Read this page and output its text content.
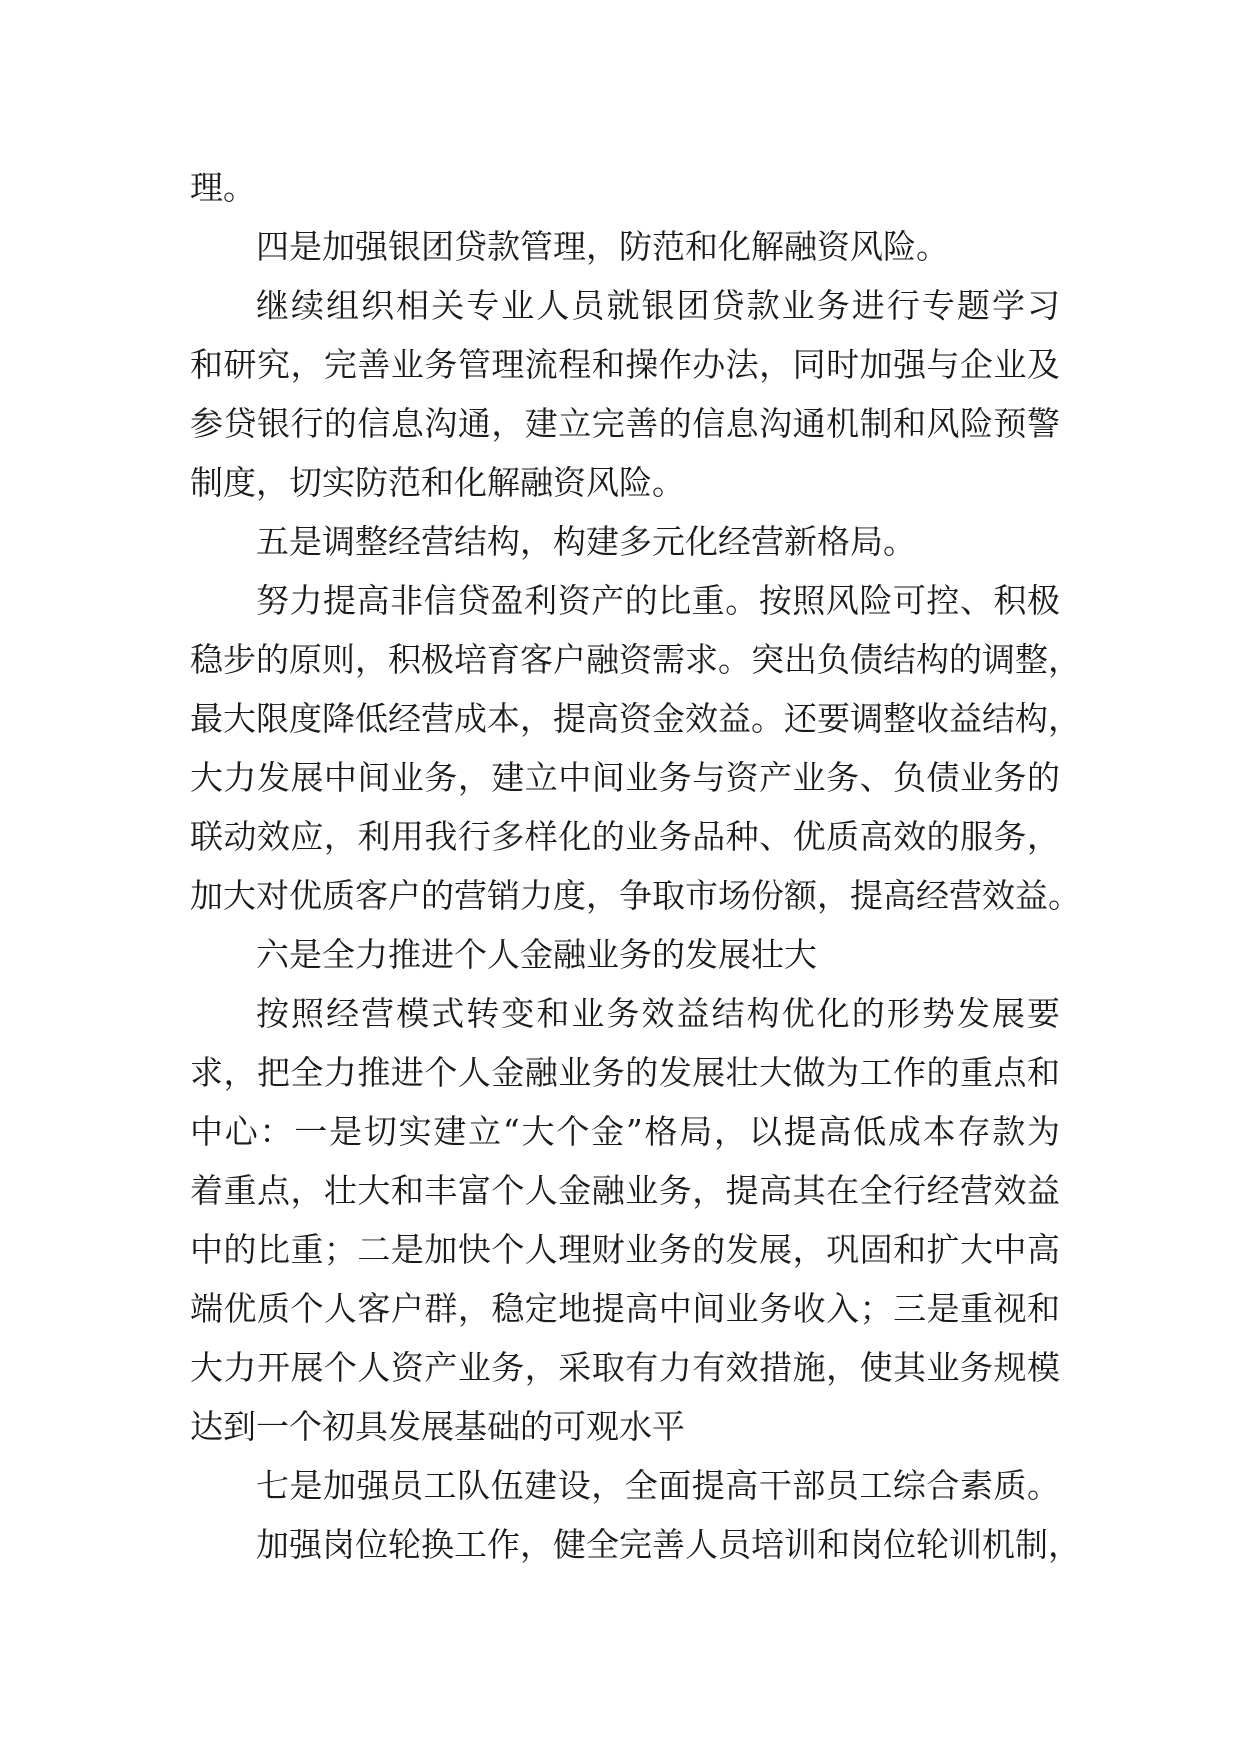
理。
四是加强银团贷款管理，防范和化解融资风险。
继续组织相关专业人员就银团贷款业务进行专题学习
和研究，完善业务管理流程和操作办法，同时加强与企业及
参贷银行的信息沟通，建立完善的信息沟通机制和风险预警
制度，切实防范和化解融资风险。
五是调整经营结构，构建多元化经营新格局。
努力提高非信贷盈利资产的比重。按照风险可控、积极
稳步的原则，积极培育客户融资需求。突出负债结构的调整，
最大限度降低经营成本，提高资金效益。还要调整收益结构，
大力发展中间业务，建立中间业务与资产业务、负债业务的
联动效应，利用我行多样化的业务品种、优质高效的服务，
加大对优质客户的营销力度，争取市场份额，提高经营效益。
六是全力推进个人金融业务的发展壮大
按照经营模式转变和业务效益结构优化的形势发展要
求，把全力推进个人金融业务的发展壮大做为工作的重点和
中心：一是切实建立“大个金”格局，以提高低成本存款为
着重点，壮大和丰富个人金融业务，提高其在全行经营效益
中的比重；二是加快个人理财业务的发展，巩固和扩大中高
端优质个人客户群，稳定地提高中间业务收入；三是重视和
大力开展个人资产业务，采取有力有效措施，使其业务规模
达到一个初具发展基础的可观水平
七是加强员工队伍建设，全面提高干部员工综合素质。
加强岗位轮换工作，健全完善人员培训和岗位轮训机制，
